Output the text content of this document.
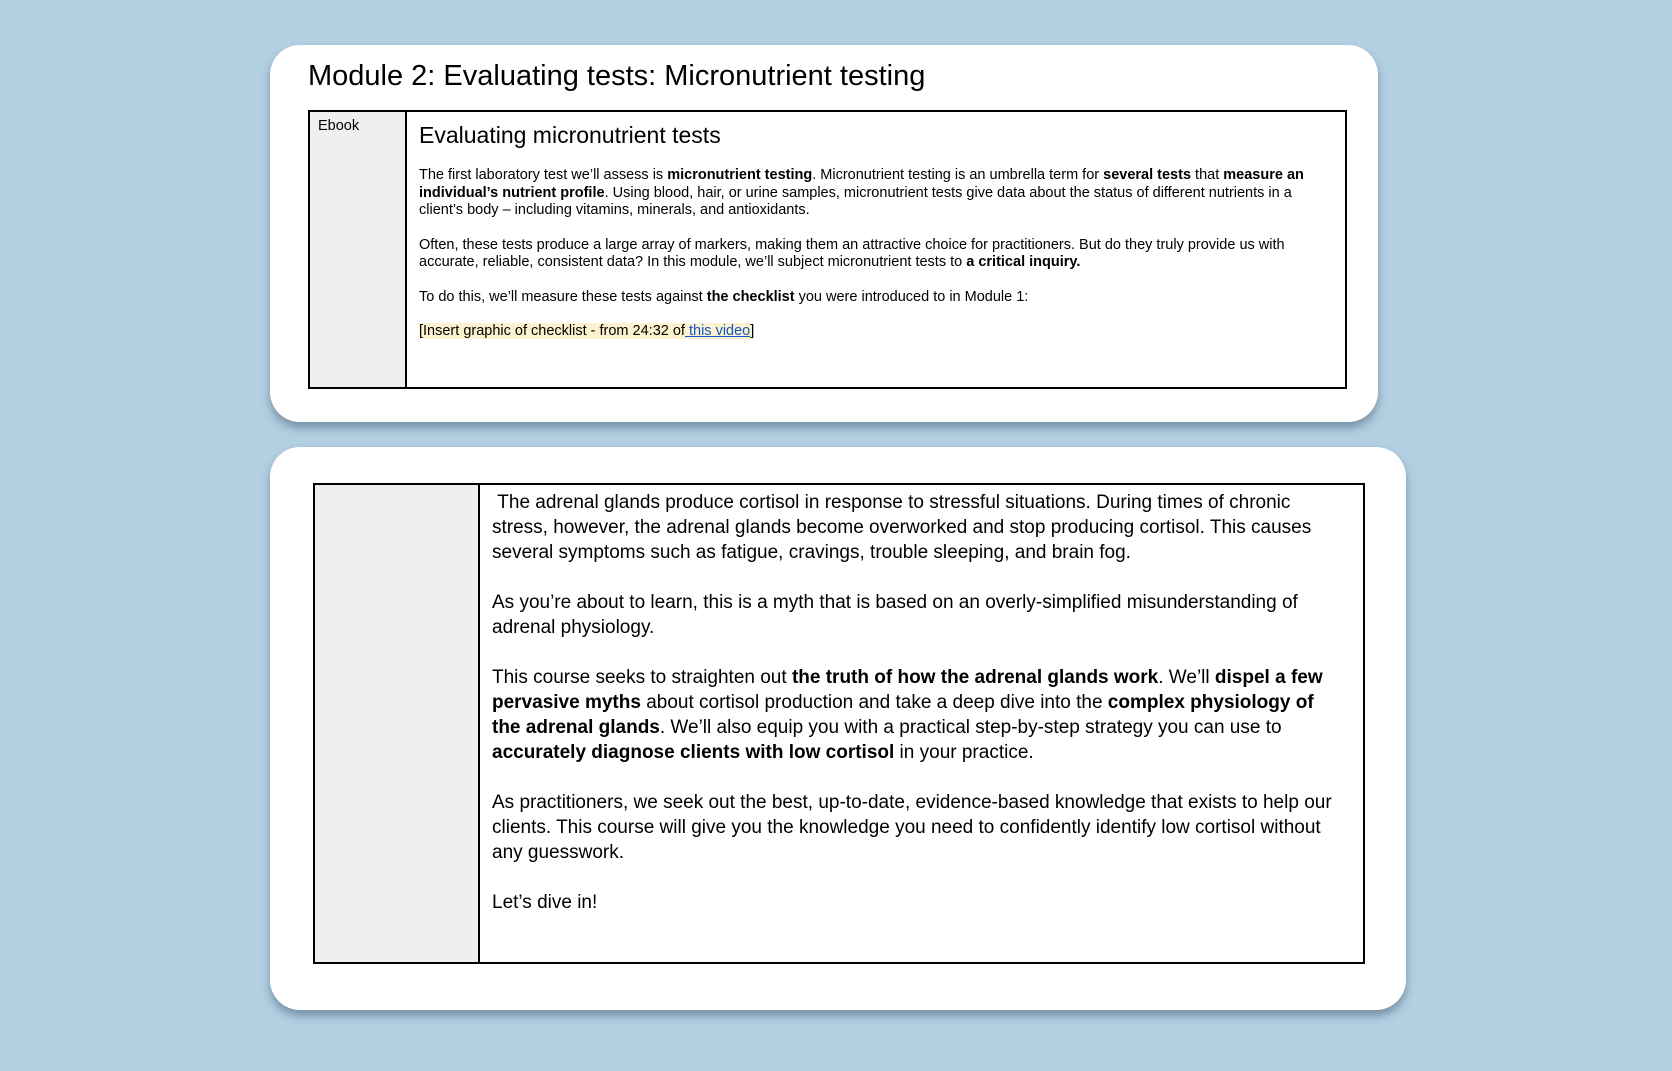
Module 2: Evaluating tests: Micronutrient testing
Ebook	Evaluating micronutrient tests

The first laboratory test we’ll assess is micronutrient testing. Micronutrient testing is an umbrella term for several tests that measure an individual’s nutrient profile. Using blood, hair, or urine samples, micronutrient tests give data about the status of different nutrients in a client’s body – including vitamins, minerals, and antioxidants.

Often, these tests produce a large array of markers, making them an attractive choice for practitioners. But do they truly provide us with accurate, reliable, consistent data? In this module, we’ll subject micronutrient tests to a critical inquiry.

To do this, we’ll measure these tests against the checklist you were introduced to in Module 1:

[Insert graphic of checklist - from 24:32 of this video]

The adrenal glands produce cortisol in response to stressful situations. During times of chronic stress, however, the adrenal glands become overworked and stop producing cortisol. This causes several symptoms such as fatigue, cravings, trouble sleeping, and brain fog.

As you’re about to learn, this is a myth that is based on an overly-simplified misunderstanding of adrenal physiology.

This course seeks to straighten out the truth of how the adrenal glands work. We’ll dispel a few pervasive myths about cortisol production and take a deep dive into the complex physiology of the adrenal glands. We’ll also equip you with a practical step-by-step strategy you can use to accurately diagnose clients with low cortisol in your practice.

As practitioners, we seek out the best, up-to-date, evidence-based knowledge that exists to help our clients. This course will give you the knowledge you need to confidently identify low cortisol without any guesswork.

Let’s dive in!
